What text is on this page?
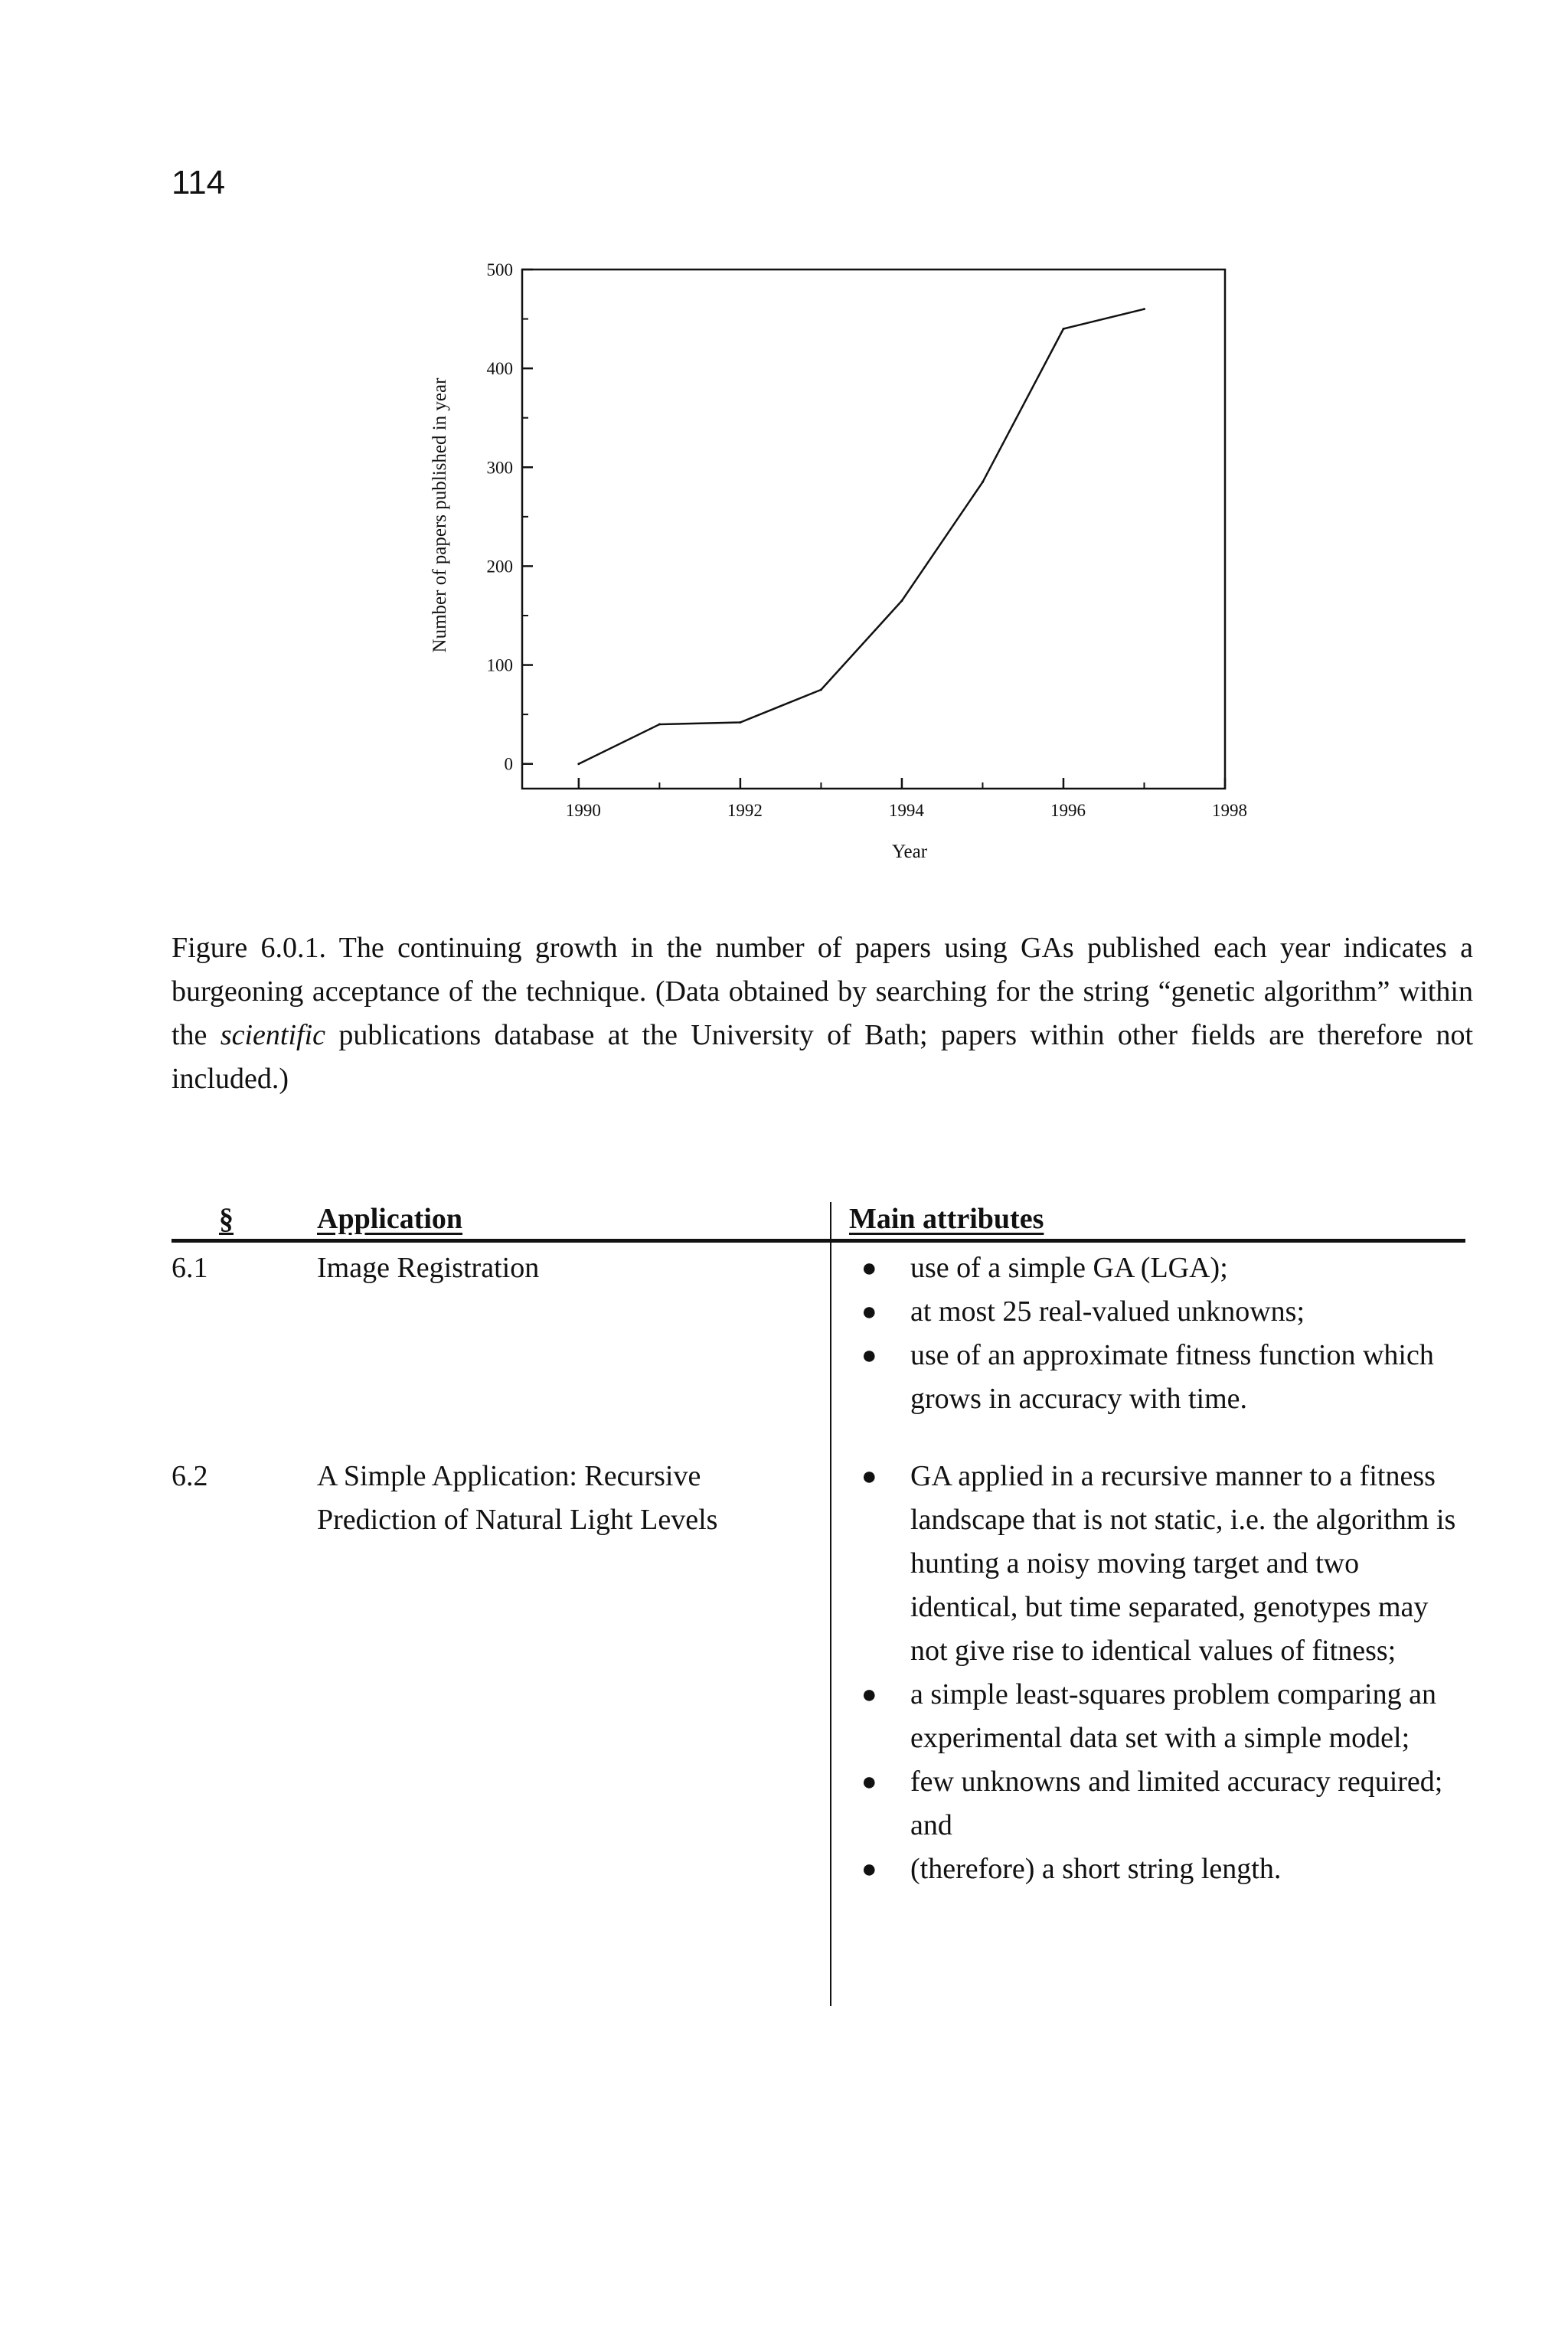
114
0
100
200
300
400
500
1990	1992	1994	1996	1998
Year
Number of papers published in year
Figure 6.0.1. The continuing growth in the number of papers using GAs published each year indicates a burgeoning acceptance of the technique. (Data obtained by searching for the string “genetic algorithm” within the scientific publications database at the University of Bath; papers within other fields are therefore not included.)
§	Application	Main attributes
6.1	Image Registration	● use of a simple GA (LGA);
● at most 25 real-valued unknowns;
● use of an approximate fitness function which grows in accuracy with time.
6.2	A Simple Application: Recursive
Prediction of Natural Light Levels
● GA applied in a recursive manner to a fitness landscape that is not static, i.e. the algorithm is hunting a noisy moving target and two identical, but time separated, genotypes may not give rise to identical values of fitness;
● a simple least-squares problem comparing an experimental data set with a simple model;
● few unknowns and limited accuracy required; and
● (therefore) a short string length.
